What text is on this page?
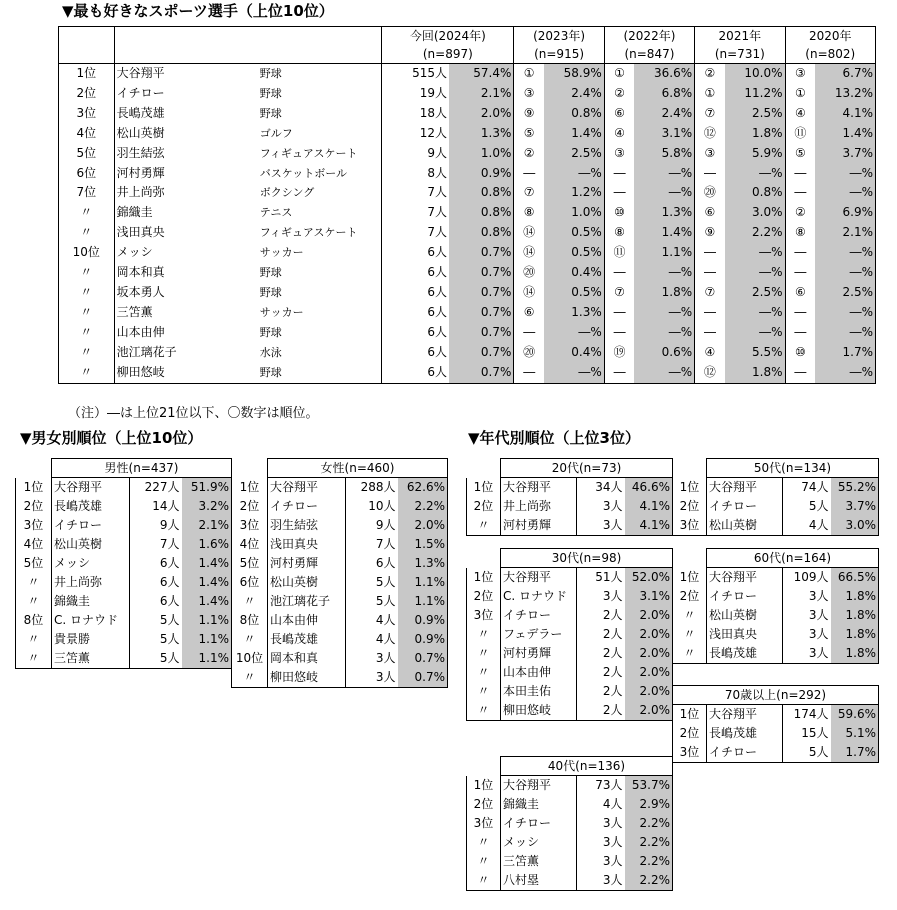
▼最も好きなスポーツ選手（上位10位）
			今回(2024年)		(2023年)		(2022年)		2021年		2020年	
			(n=897)		(n=915)		(n=847)		(n=731)		(n=802)	
1位	大谷翔平	野球	515人	57.4%	①	58.9%	①	36.6%	②	10.0%	③	6.7%
2位	イチロー	野球	19人	2.1%	③	2.4%	②	6.8%	①	11.2%	①	13.2%
3位	長嶋茂雄	野球	18人	2.0%	⑨	0.8%	⑥	2.4%	⑦	2.5%	④	4.1%
4位	松山英樹	ゴルフ	12人	1.3%	⑤	1.4%	④	3.1%	⑫	1.8%	⑪	1.4%
5位	羽生結弦	フィギュアスケート	9人	1.0%	②	2.5%	③	5.8%	③	5.9%	⑤	3.7%
6位	河村勇輝	バスケットボール	8人	0.9%	―	―%	―	―%	―	―%	―	―%
7位	井上尚弥	ボクシング	7人	0.8%	⑦	1.2%	―	―%	⑳	0.8%	―	―%
〃	錦織圭	テニス	7人	0.8%	⑧	1.0%	⑩	1.3%	⑥	3.0%	②	6.9%
〃	浅田真央	フィギュアスケート	7人	0.8%	⑭	0.5%	⑧	1.4%	⑨	2.2%	⑧	2.1%
10位	メッシ	サッカー	6人	0.7%	⑭	0.5%	⑪	1.1%	―	―%	―	―%
〃	岡本和真	野球	6人	0.7%	⑳	0.4%	―	―%	―	―%	―	―%
〃	坂本勇人	野球	6人	0.7%	⑭	0.5%	⑦	1.8%	⑦	2.5%	⑥	2.5%
〃	三笘薫	サッカー	6人	0.7%	⑥	1.3%	―	―%	―	―%	―	―%
〃	山本由伸	野球	6人	0.7%	―	―%	―	―%	―	―%	―	―%
〃	池江璃花子	水泳	6人	0.7%	⑳	0.4%	⑲	0.6%	④	5.5%	⑩	1.7%
〃	柳田悠岐	野球	6人	0.7%	―	―%	―	―%	⑫	1.8%	―	―%
（注）―は上位21位以下、〇数字は順位。
▼男女別順位（上位10位）
	男性(n=437)		
1位	大谷翔平	227人	51.9%
2位	長嶋茂雄	14人	3.2%
3位	イチロー	9人	2.1%
4位	松山英樹	7人	1.6%
5位	メッシ	6人	1.4%
〃	井上尚弥	6人	1.4%
〃	錦織圭	6人	1.4%
8位	C. ロナウド	5人	1.1%
〃	貴景勝	5人	1.1%
〃	三笘薫	5人	1.1%
	女性(n=460)		
1位	大谷翔平	288人	62.6%
2位	イチロー	10人	2.2%
3位	羽生結弦	9人	2.0%
4位	浅田真央	7人	1.5%
5位	河村勇輝	6人	1.3%
6位	松山英樹	5人	1.1%
〃	池江璃花子	5人	1.1%
8位	山本由伸	4人	0.9%
〃	長嶋茂雄	4人	0.9%
10位	岡本和真	3人	0.7%
〃	柳田悠岐	3人	0.7%
▼年代別順位（上位3位）
	20代(n=73)		
1位	大谷翔平	34人	46.6%
2位	井上尚弥	3人	4.1%
〃	河村勇輝	3人	4.1%
	30代(n=98)		
1位	大谷翔平	51人	52.0%
2位	C. ロナウド	3人	3.1%
3位	イチロー	2人	2.0%
〃	フェデラー	2人	2.0%
〃	河村勇輝	2人	2.0%
〃	山本由伸	2人	2.0%
〃	本田圭佑	2人	2.0%
〃	柳田悠岐	2人	2.0%
	40代(n=136)		
1位	大谷翔平	73人	53.7%
2位	錦織圭	4人	2.9%
3位	イチロー	3人	2.2%
〃	メッシ	3人	2.2%
〃	三笘薫	3人	2.2%
〃	八村塁	3人	2.2%
	50代(n=134)		
1位	大谷翔平	74人	55.2%
2位	イチロー	5人	3.7%
3位	松山英樹	4人	3.0%
	60代(n=164)		
1位	大谷翔平	109人	66.5%
2位	イチロー	3人	1.8%
〃	松山英樹	3人	1.8%
〃	浅田真央	3人	1.8%
〃	長嶋茂雄	3人	1.8%
70歳以上(n=292)			
1位	大谷翔平	174人	59.6%
2位	長嶋茂雄	15人	5.1%
3位	イチロー	5人	1.7%
